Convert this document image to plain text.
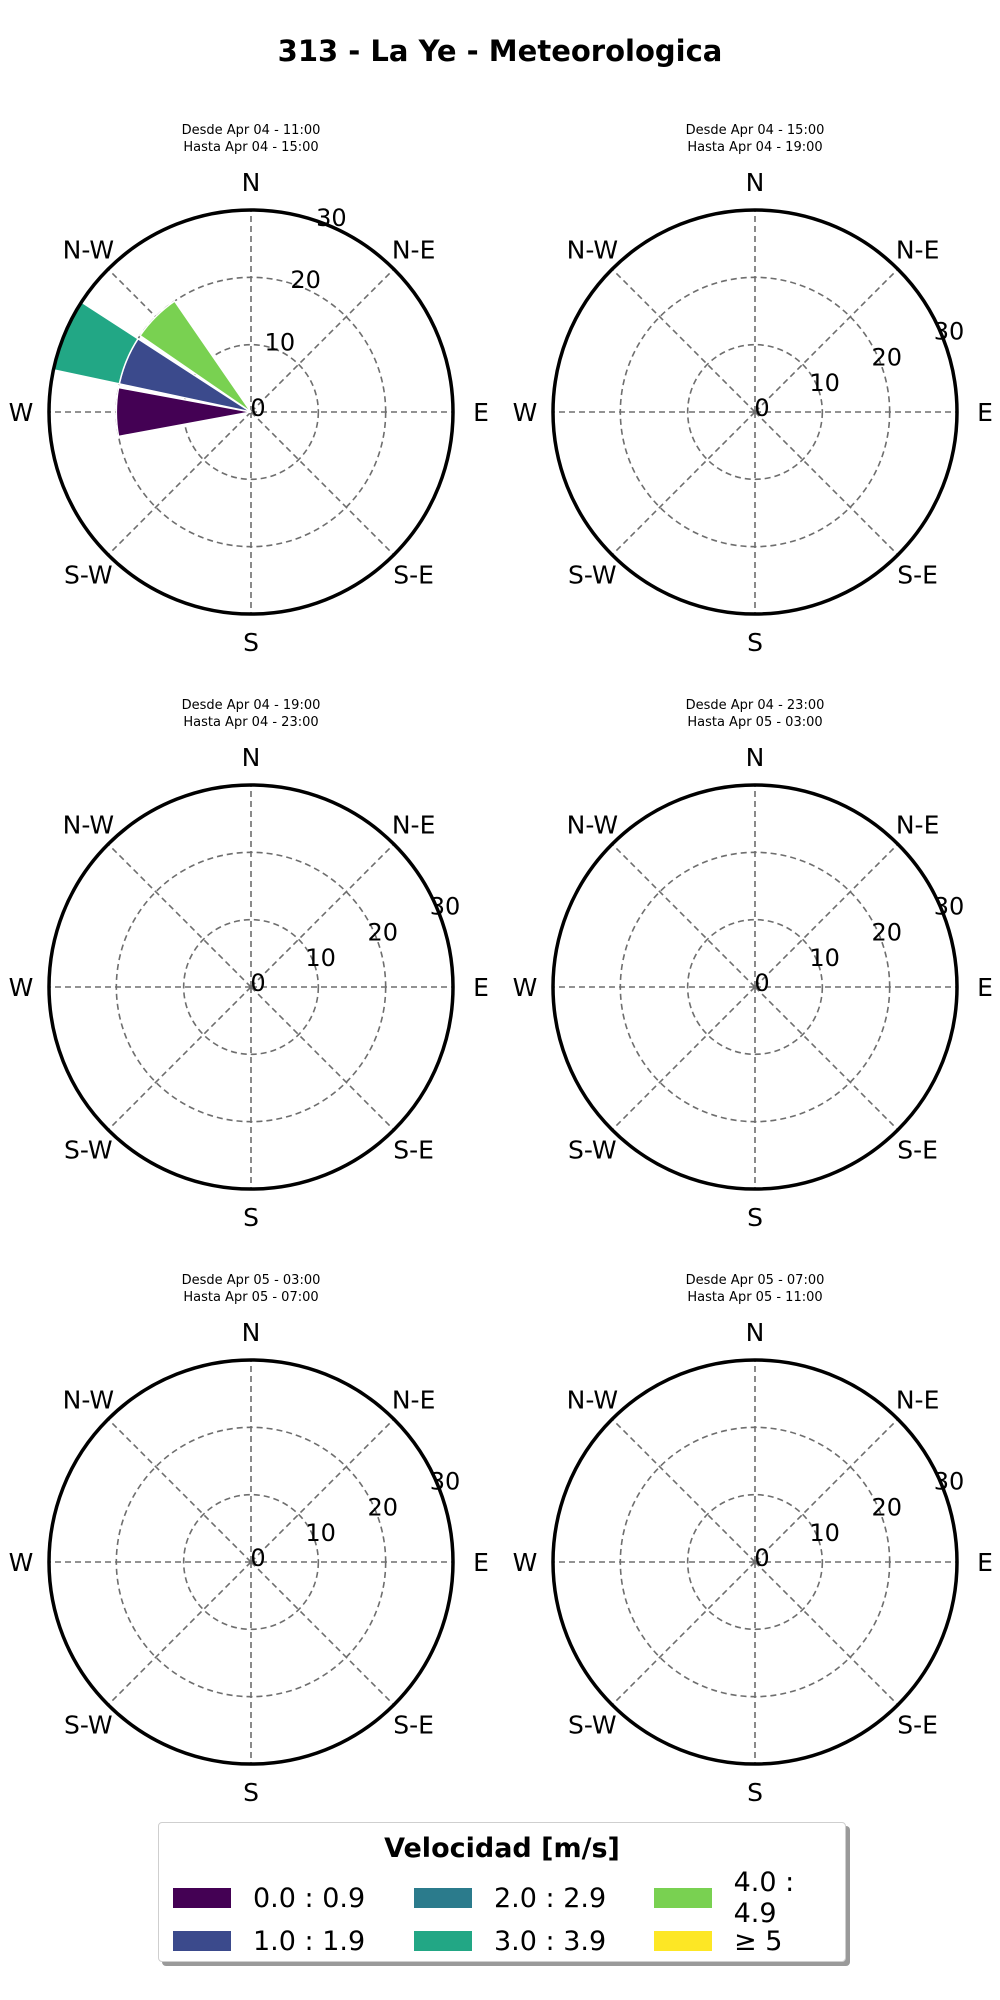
313 - La Ye - Meteorologica
Desde Apr 04 - 11:00
Hasta Apr 04 - 15:00
N
N-E
E
S-E
S
S-W
W
N-W
0
10
20
30
Desde Apr 04 - 15:00
Hasta Apr 04 - 19:00
N
N-E
E
S-E
S
S-W
W
N-W
0
10
20
30
Desde Apr 04 - 19:00
Hasta Apr 04 - 23:00
N
N-E
E
S-E
S
S-W
W
N-W
0
10
20
30
Desde Apr 04 - 23:00
Hasta Apr 05 - 03:00
N
N-E
E
S-E
S
S-W
W
N-W
0
10
20
30
Desde Apr 05 - 03:00
Hasta Apr 05 - 07:00
N
N-E
E
S-E
S
S-W
W
N-W
0
10
20
30
Desde Apr 05 - 07:00
Hasta Apr 05 - 11:00
N
N-E
E
S-E
S
S-W
W
N-W
0
10
20
30
Velocidad [m/s]
0.0 : 0.9
1.0 : 1.9
2.0 : 2.9
3.0 : 3.9
4.0 : 4.9
≥ 5
